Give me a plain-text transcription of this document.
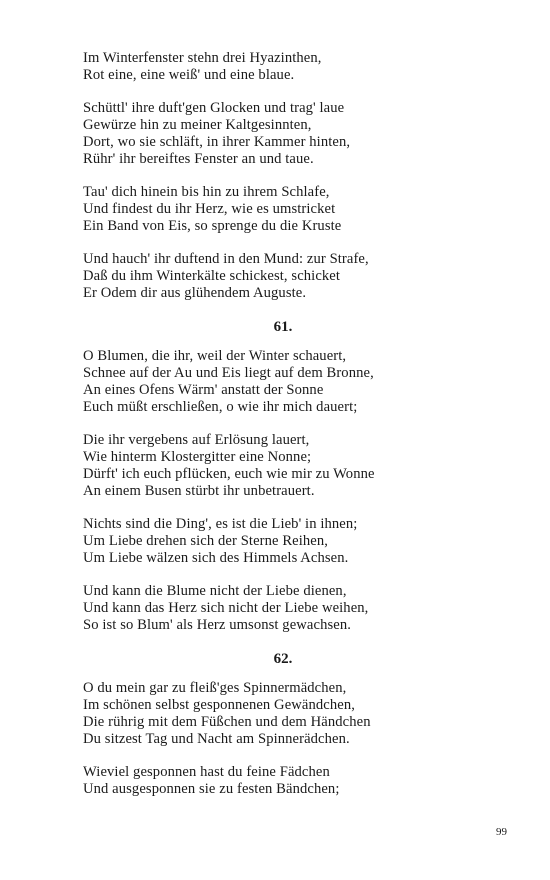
Im Winterfenster stehn drei Hyazinthen,
Rot eine, eine weiß' und eine blaue.
Schüttl' ihre duft'gen Glocken und trag' laue
Gewürze hin zu meiner Kaltgesinnten,
Dort, wo sie schläft, in ihrer Kammer hinten,
Rühr' ihr bereiftes Fenster an und taue.
Tau' dich hinein bis hin zu ihrem Schlafe,
Und findest du ihr Herz, wie es umstricket
Ein Band von Eis, so sprenge du die Kruste
Und hauch' ihr duftend in den Mund: zur Strafe,
Daß du ihm Winterkälte schickest, schicket
Er Odem dir aus glühendem Auguste.
61.
O Blumen, die ihr, weil der Winter schauert,
Schnee auf der Au und Eis liegt auf dem Bronne,
An eines Ofens Wärm' anstatt der Sonne
Euch müßt erschließen, o wie ihr mich dauert;
Die ihr vergebens auf Erlösung lauert,
Wie hinterm Klostergitter eine Nonne;
Dürft' ich euch pflücken, euch wie mir zu Wonne
An einem Busen stürbt ihr unbetrauert.
Nichts sind die Ding', es ist die Lieb' in ihnen;
Um Liebe drehen sich der Sterne Reihen,
Um Liebe wälzen sich des Himmels Achsen.
Und kann die Blume nicht der Liebe dienen,
Und kann das Herz sich nicht der Liebe weihen,
So ist so Blum' als Herz umsonst gewachsen.
62.
O du mein gar zu fleiß'ges Spinnermädchen,
Im schönen selbst gesponnenen Gewändchen,
Die rührig mit dem Füßchen und dem Händchen
Du sitzest Tag und Nacht am Spinnerädchen.
Wieviel gesponnen hast du feine Fädchen
Und ausgesponnen sie zu festen Bändchen;
99
